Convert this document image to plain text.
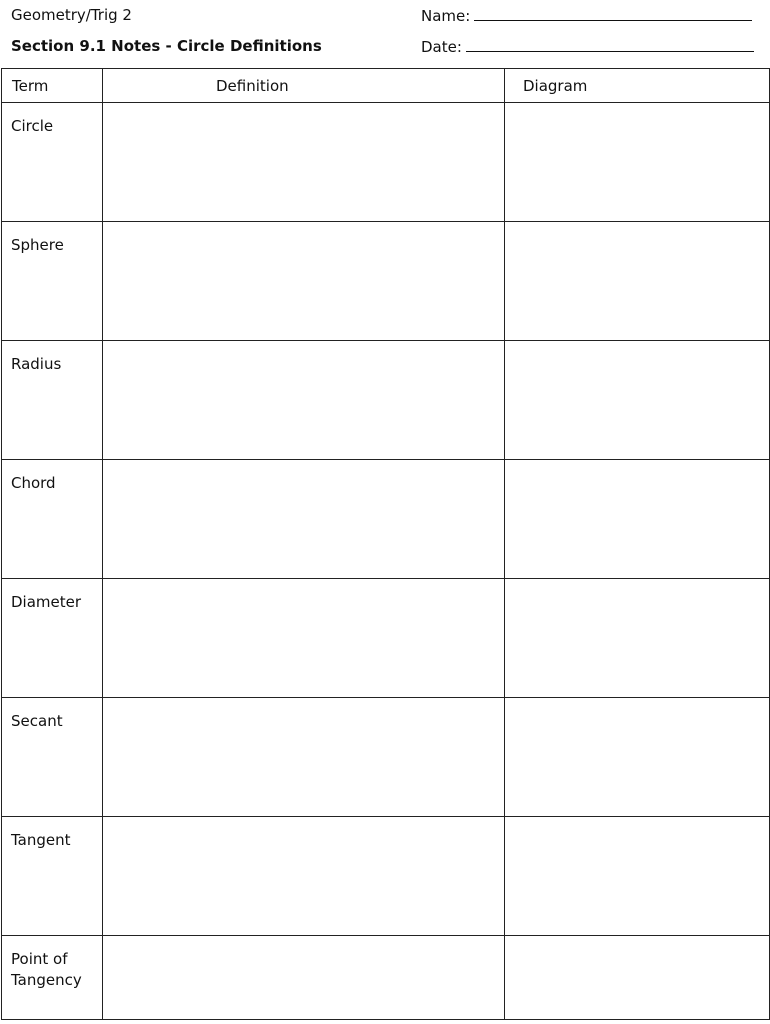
Geometry/Trig 2
Section 9.1 Notes - Circle Definitions
Name:
Date:
Term	Definition	Diagram

Circle		

Sphere		

Radius		

Chord		

Diameter		

Secant		

Tangent		

Point of Tangency		
